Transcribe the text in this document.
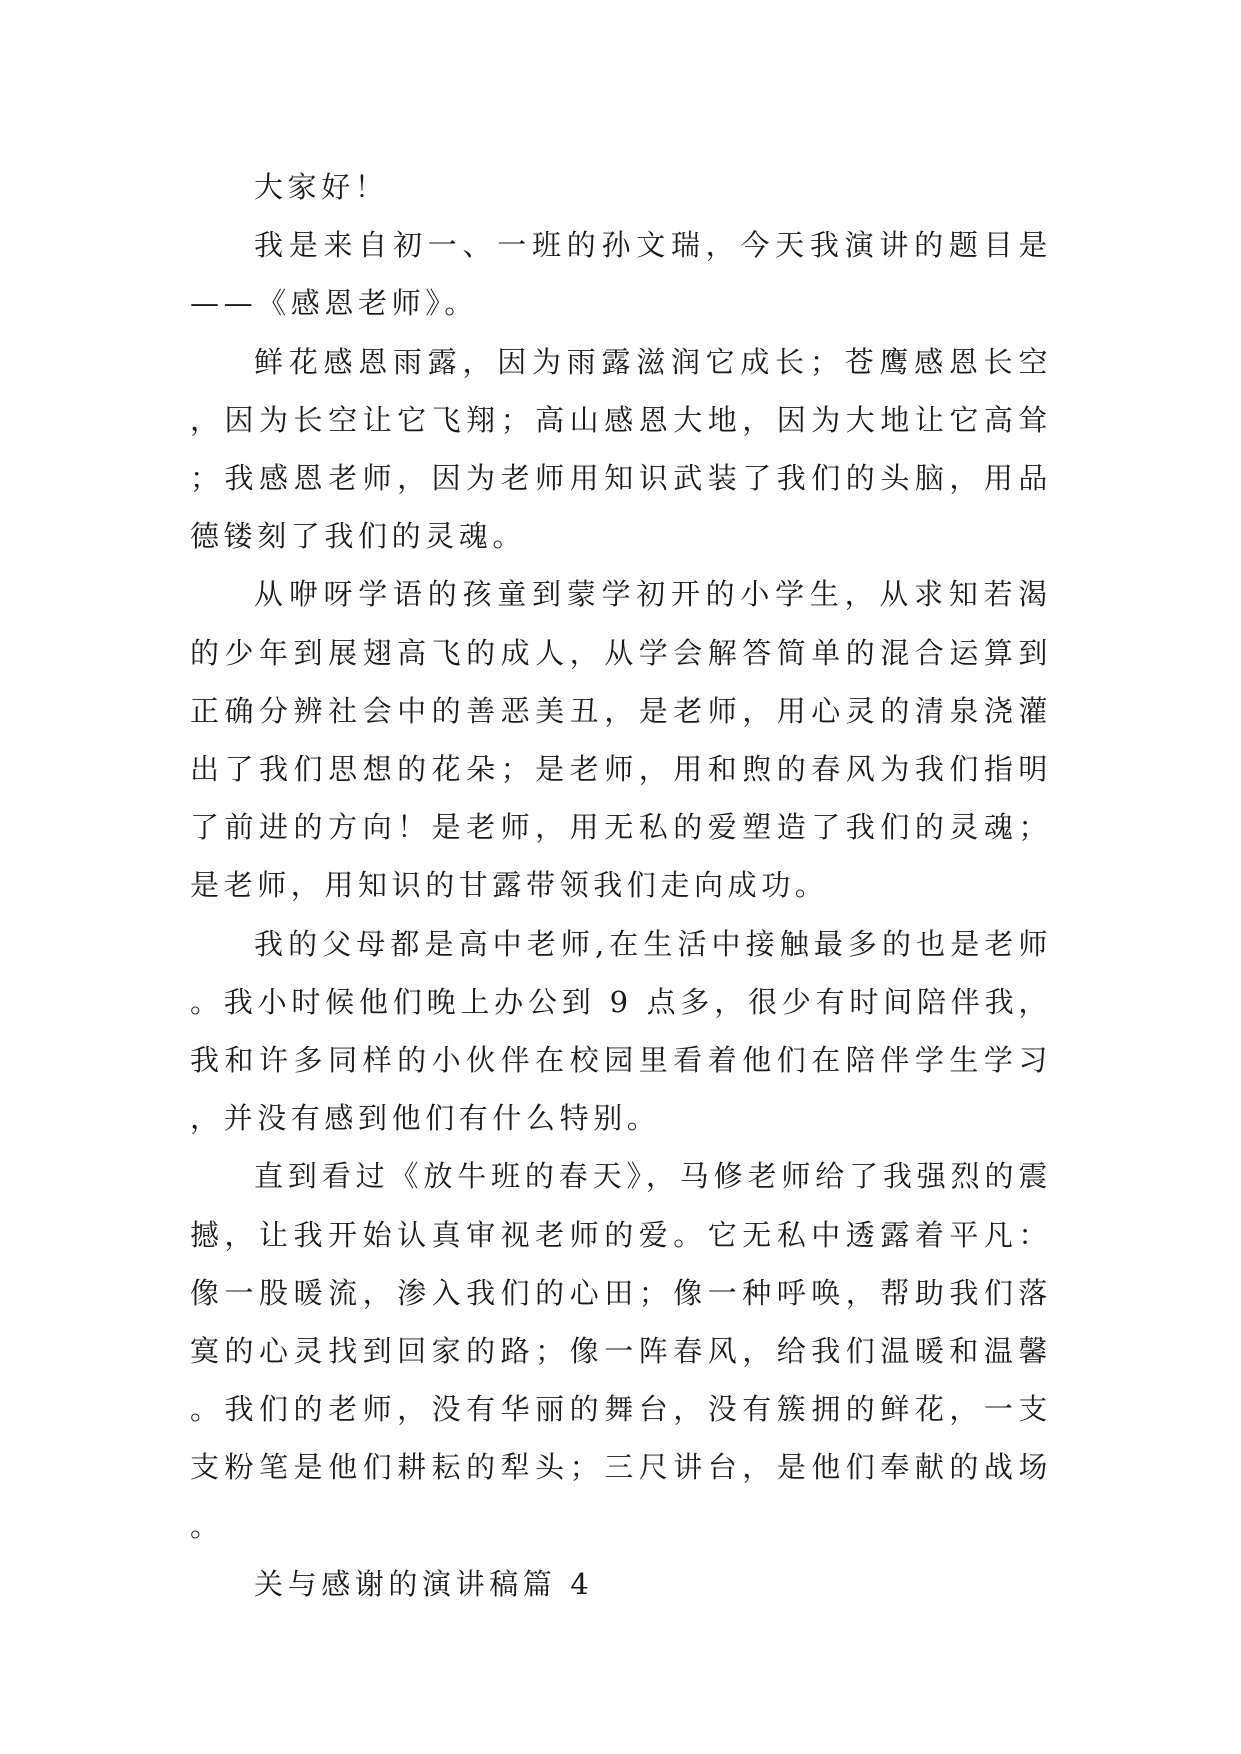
大家好！

我是来自初一、一班的孙文瑞，今天我演讲的题目是——《感恩老师》。

鲜花感恩雨露，因为雨露滋润它成长；苍鹰感恩长空，因为长空让它飞翔；高山感恩大地，因为大地让它高耸；我感恩老师，因为老师用知识武装了我们的头脑，用品德镂刻了我们的灵魂。

从咿呀学语的孩童到蒙学初开的小学生，从求知若渴的少年到展翅高飞的成人，从学会解答简单的混合运算到正确分辨社会中的善恶美丑，是老师，用心灵的清泉浇灌出了我们思想的花朵；是老师，用和煦的春风为我们指明了前进的方向！是老师，用无私的爱塑造了我们的灵魂；是老师，用知识的甘露带领我们走向成功。

我的父母都是高中老师,在生活中接触最多的也是老师。我小时候他们晚上办公到 9 点多，很少有时间陪伴我，我和许多同样的小伙伴在校园里看着他们在陪伴学生学习，并没有感到他们有什么特别。

直到看过《放牛班的春天》，马修老师给了我强烈的震撼，让我开始认真审视老师的爱。它无私中透露着平凡：像一股暖流，渗入我们的心田；像一种呼唤，帮助我们落寞的心灵找到回家的路；像一阵春风，给我们温暖和温馨。我们的老师，没有华丽的舞台，没有簇拥的鲜花，一支支粉笔是他们耕耘的犁头；三尺讲台，是他们奉献的战场。

关与感谢的演讲稿篇 4
